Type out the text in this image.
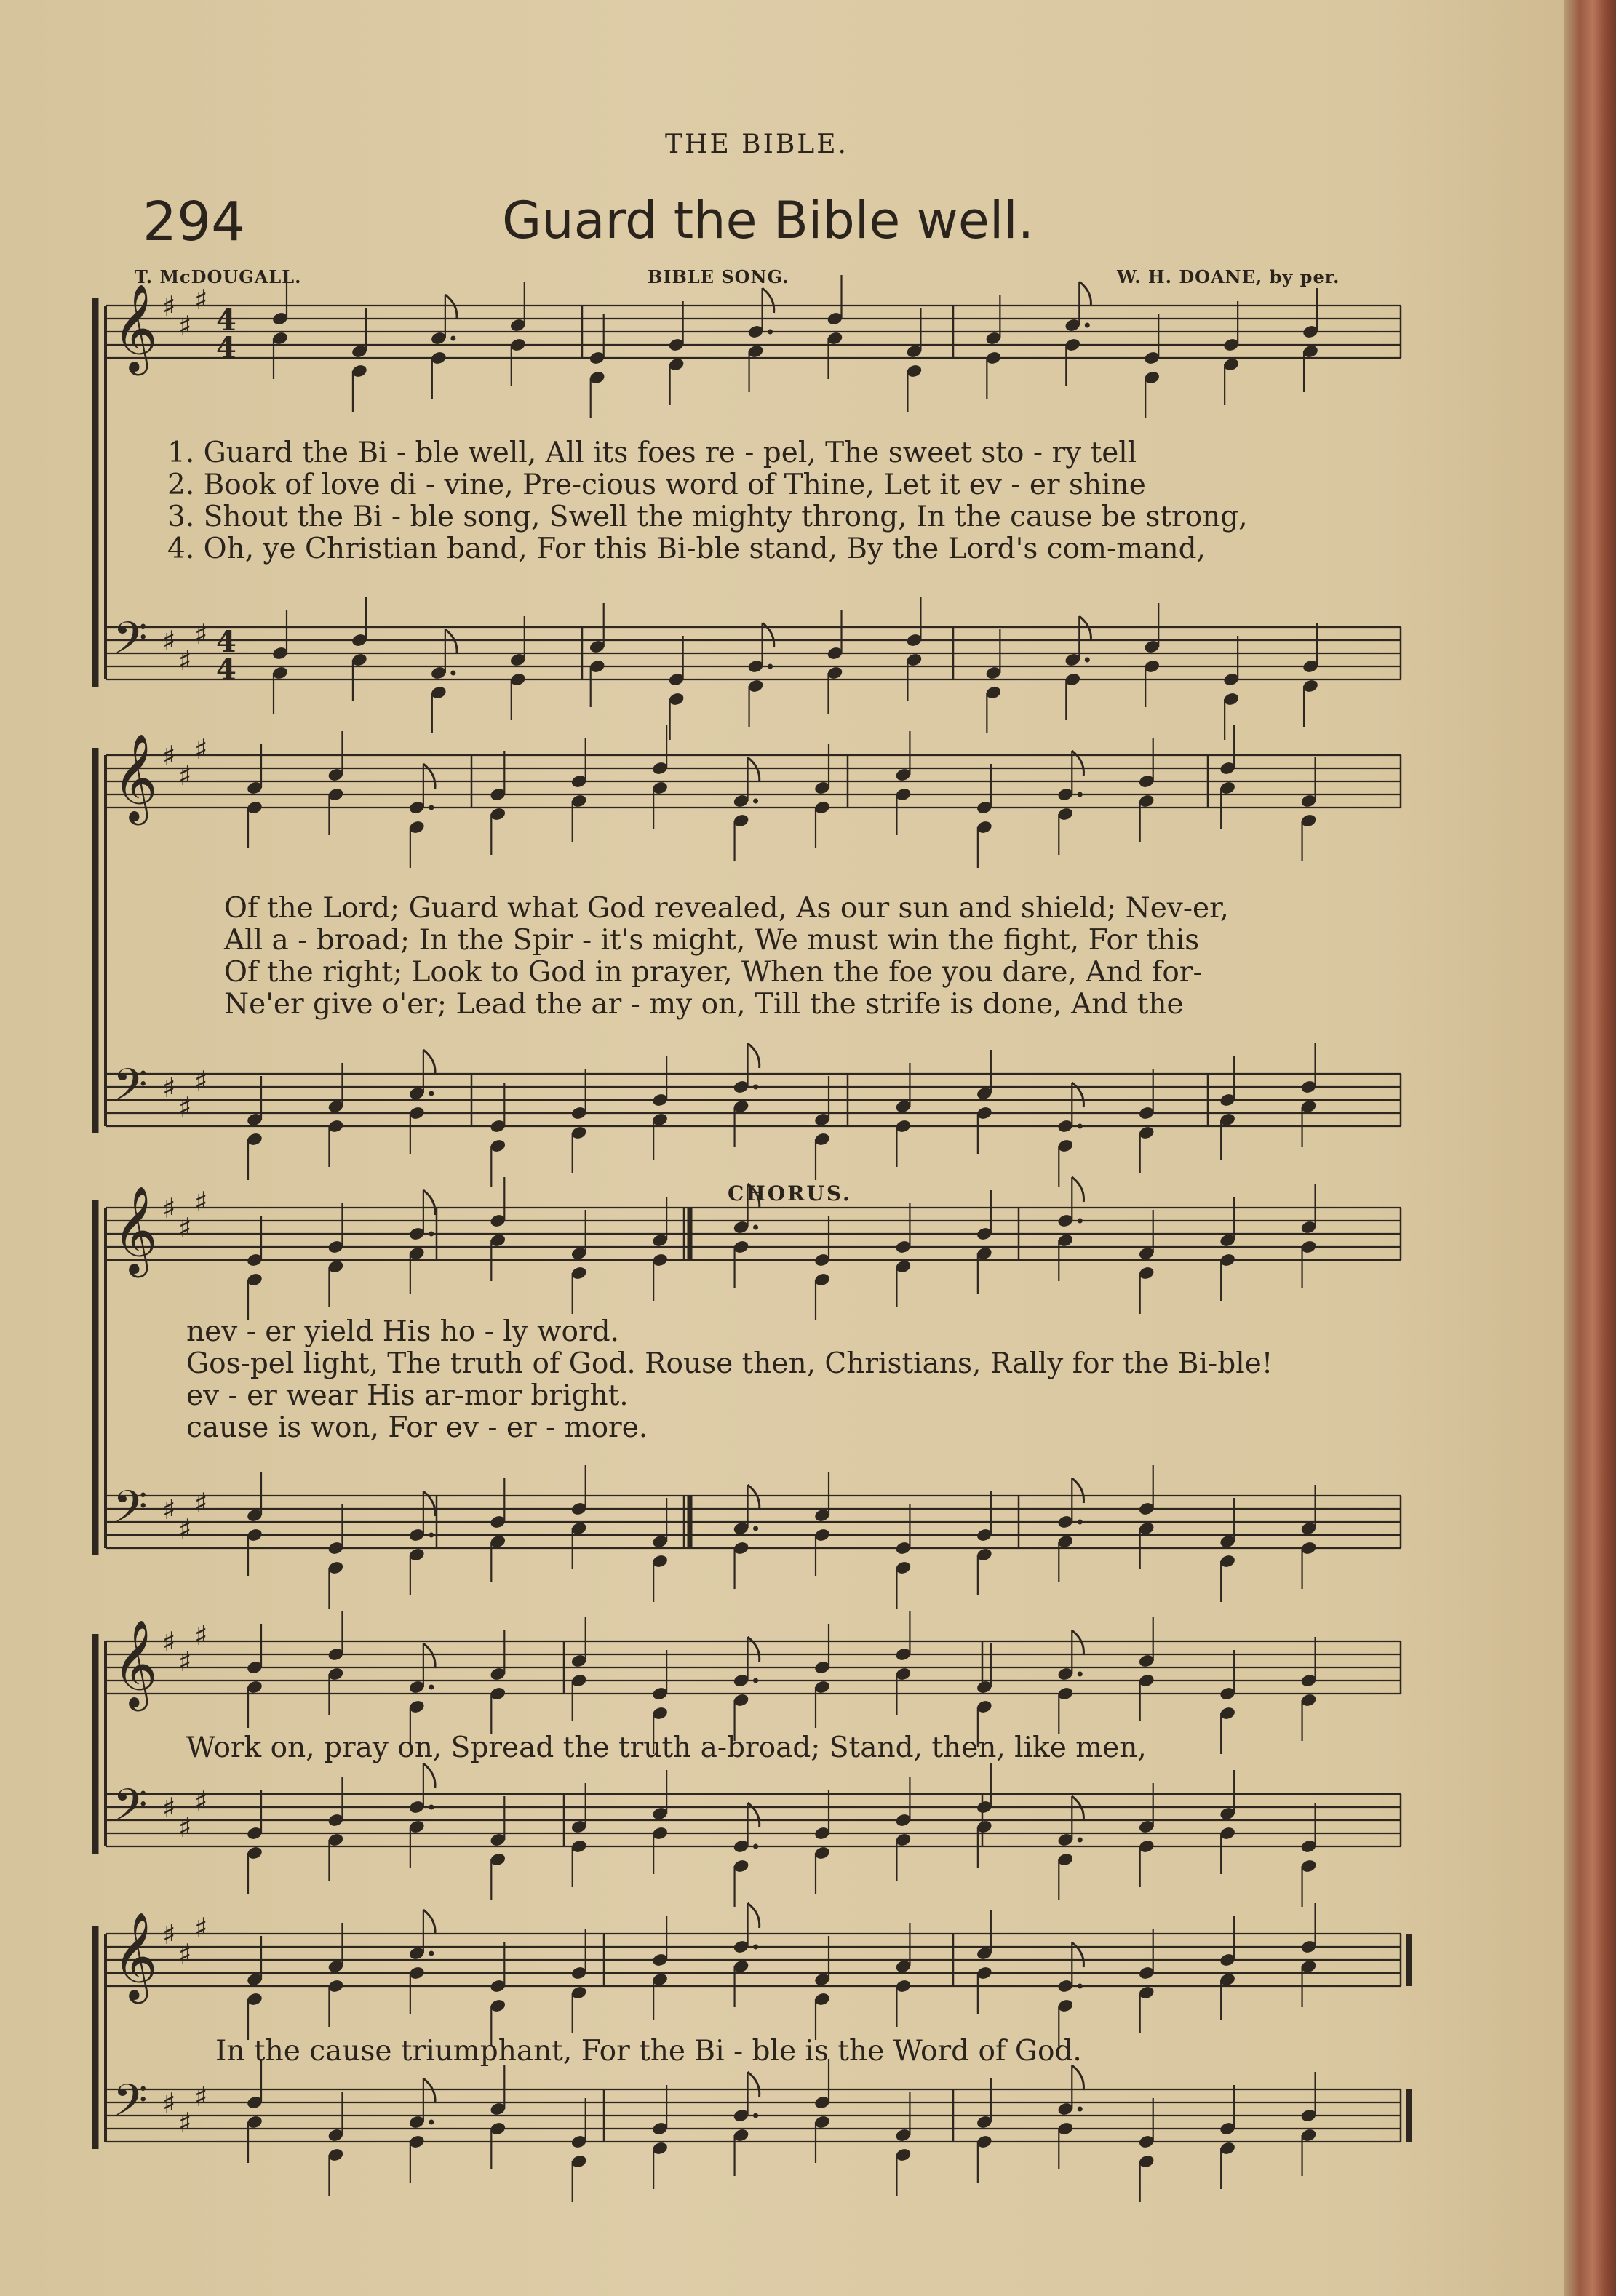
THE BIBLE.

294	Guard the Bible well.

T. McDOUGALL.	BIBLE SONG.	W. H. DOANE, by per.

CHORUS.

𝄞 ♯
♯
♯
4
4
𝄢 ♯
♯
♯ 4
4
𝄞 ♯
♯
♯
𝄢 ♯
♯
♯
𝄞 ♯
♯
♯
𝄢 ♯
♯
♯
𝄞 ♯
♯
♯
𝄢 ♯
♯
♯
𝄞 ♯
♯
♯
𝄢 ♯
♯
♯

1. Guard the Bi - ble well, All its foes re - pel, The sweet sto - ry tell

2. Book of love di - vine, Pre-cious word of Thine, Let it ev - er shine

3. Shout the Bi - ble song, Swell the mighty throng, In the cause be strong,

4. Oh, ye Christian band, For this Bi-ble stand, By the Lord's com-mand,

Of the Lord; Guard what God revealed, As our sun and shield; Nev-er,

All a - broad; In the Spir - it's might, We must win the fight, For this

Of the right; Look to God in prayer, When the foe you dare, And for-

Ne'er give o'er; Lead the ar - my on, Till the strife is done, And the

nev - er yield His ho - ly word.

Gos-pel light, The truth of God. Rouse then, Christians, Rally for the Bi-ble!

ev - er wear His ar-mor bright.

cause is won, For ev - er - more.

Work on, pray on, Spread the truth a-broad; Stand, then, like men,

In the cause triumphant, For the Bi - ble is the Word of God.
